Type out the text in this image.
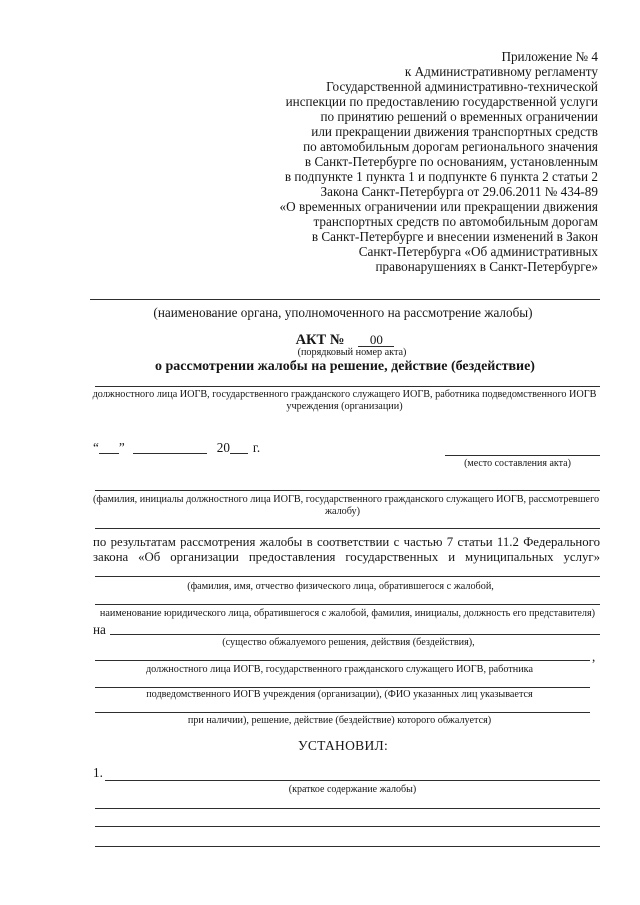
Приложение № 4
к Административному регламенту
Государственной административно-технической
инспекции по предоставлению государственной услуги
по принятию решений о временных ограничении
или прекращении движения транспортных средств
по автомобильным дорогам регионального значения
в Санкт-Петербурге по основаниям, установленным
в подпункте 1 пункта 1 и подпункте 6 пункта 2 статьи 2
Закона Санкт-Петербурга от 29.06.2011 № 434-89
«О временных ограничении или прекращении движения
транспортных средств по автомобильным дорогам
в Санкт-Петербурге и внесении изменений в Закон
Санкт-Петербурга «Об административных
правонарушениях в Санкт-Петербурге»
(наименование органа, уполномоченного на рассмотрение жалобы)
АКТ № 00
(порядковый номер акта)
о рассмотрении жалобы на решение, действие (бездействие)
должностного лица ИОГВ, государственного гражданского служащего ИОГВ, работника подведомственного ИОГВ
учреждения (организации)
“ ”	20 г.
(место составления акта)
(фамилия, инициалы должностного лица ИОГВ, государственного гражданского служащего ИОГВ, рассмотревшего
жалобу)
по результатам рассмотрения жалобы в соответствии с частью 7 статьи 11.2 Федерального
закона «Об организации предоставления государственных и муниципальных услуг»
(фамилия, имя, отчество физического лица, обратившегося с жалобой,
наименование юридического лица, обратившегося с жалобой, фамилия, инициалы, должность его представителя)
на
(существо обжалуемого решения, действия (бездействия),
,
должностного лица ИОГВ, государственного гражданского служащего ИОГВ, работника
подведомственного ИОГВ учреждения (организации), (ФИО указанных лиц указывается
при наличии), решение, действие (бездействие) которого обжалуется)
УСТАНОВИЛ:
1.
(краткое содержание жалобы)
